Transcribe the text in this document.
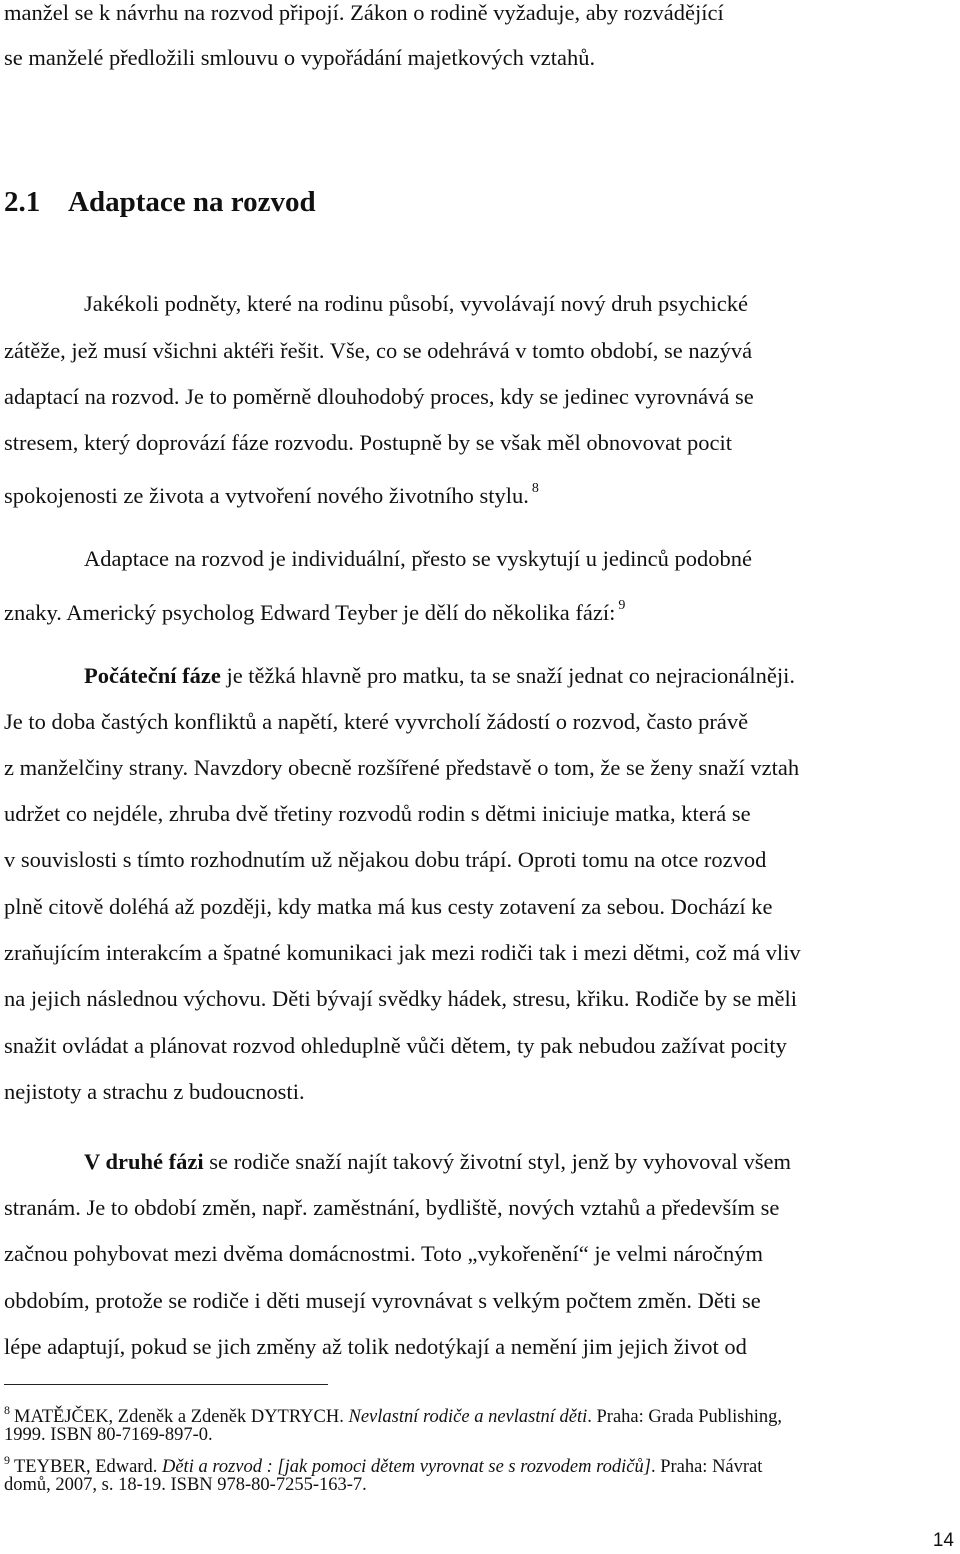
manžel se k návrhu na rozvod připojí. Zákon o rodině vyžaduje, aby rozvádějící
se manželé předložili smlouvu o vypořádání majetkových vztahů.
2.1 Adaptace na rozvod
Jakékoli podněty, které na rodinu působí, vyvolávají nový druh psychické
zátěže, jež musí všichni aktéři řešit. Vše, co se odehrává v tomto období, se nazývá
adaptací na rozvod. Je to poměrně dlouhodobý proces, kdy se jedinec vyrovnává se
stresem, který doprovází fáze rozvodu. Postupně by se však měl obnovovat pocit
spokojenosti ze života a vytvoření nového životního stylu. $^8$
Adaptace na rozvod je individuální, přesto se vyskytují u jedinců podobné
znaky. Americký psycholog Edward Teyber je dělí do několika fází: $^9$
Počáteční fáze je těžká hlavně pro matku, ta se snaží jednat co nejracionálněji.
Je to doba častých konfliktů a napětí, které vyvrcholí žádostí o rozvod, často právě
z manželčiny strany. Navzdory obecně rozšířené představě o tom, že se ženy snaží vztah
udržet co nejdéle, zhruba dvě třetiny rozvodů rodin s dětmi iniciuje matka, která se
v souvislosti s tímto rozhodnutím už nějakou dobu trápí. Oproti tomu na otce rozvod
plně citově doléhá až později, kdy matka má kus cesty zotavení za sebou. Dochází ke
zraňujícím interakcím a špatné komunikaci jak mezi rodiči tak i mezi dětmi, což má vliv
na jejich následnou výchovu. Děti bývají svědky hádek, stresu, křiku. Rodiče by se měli
snažit ovládat a plánovat rozvod ohleduplně vůči dětem, ty pak nebudou zažívat pocity
nejistoty a strachu z budoucnosti.
V druhé fázi se rodiče snaží najít takový životní styl, jenž by vyhovoval všem
stranám. Je to období změn, např. zaměstnání, bydliště, nových vztahů a především se
začnou pohybovat mezi dvěma domácnostmi. Toto „vykořenění“ je velmi náročným
obdobím, protože se rodiče i děti musejí vyrovnávat s velkým počtem změn. Děti se
lépe adaptují, pokud se jich změny až tolik nedotýkají a nemění jim jejich život od
$^8$ MATĚJČEK, Zdeněk a Zdeněk DYTRYCH. Nevlastní rodiče a nevlastní děti. Praha: Grada Publishing,
1999. ISBN 80-7169-897-0.
$^9$ TEYBER, Edward. Děti a rozvod : [jak pomoci dětem vyrovnat se s rozvodem rodičů]. Praha: Návrat
domů, 2007, s. 18-19. ISBN 978-80-7255-163-7.
14
